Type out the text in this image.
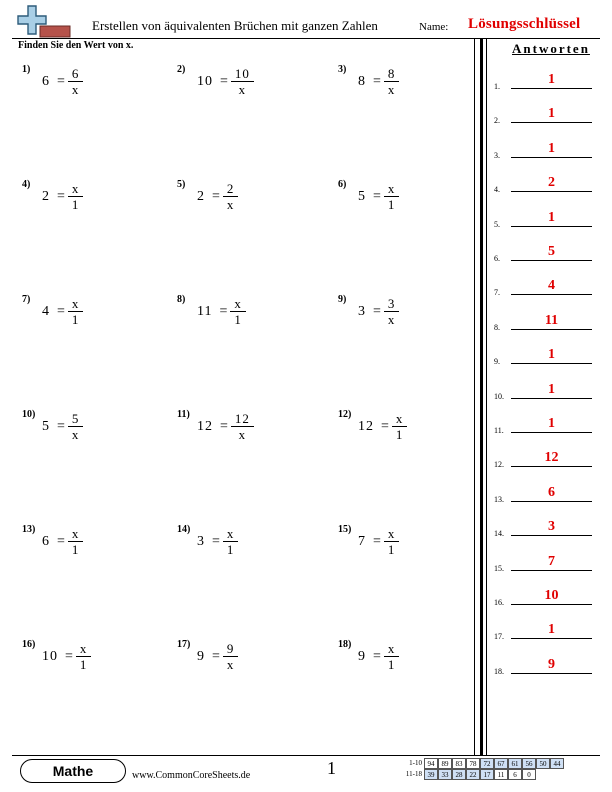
Erstellen von äquivalenten Brüchen mit ganzen Zahlen	Name: Lösungsschlüssel
Finden Sie den Wert von x.
1)
$6 = \frac{6}{x}$	2)
$10 = \frac{10}{x}$	3)
$8 = \frac{8}{x}$
4)
$2 = \frac{x}{1}$	5)
$2 = \frac{2}{x}$	6)
$5 = \frac{x}{1}$
7)
$4 = \frac{x}{1}$	8)
$11 = \frac{x}{1}$	9)
$3 = \frac{3}{x}$
10)
$5 = \frac{5}{x}$	11)
$12 = \frac{12}{x}$	12)
$12 = \frac{x}{1}$
13)
$6 = \frac{x}{1}$	14)
$3 = \frac{x}{1}$	15)
$7 = \frac{x}{1}$
16)
$10 = \frac{x}{1}$	17)
$9 = \frac{9}{x}$	18)
$9 = \frac{x}{1}$
Antworten
1.	1
2.	1
3.	1
4.	2
5.	1
6.	5
7.	4
8.	11
9.	1
10.	1
11.	1
12.	12
13.	6
14.	3
15.	7
16.	10
17.	1
18.	9
Mathe	www.CommonCoreSheets.de	1	1-10 94	89	83	78	72	67	61	56	50	44
11-18 39	33	28	22	17	11	6	0
